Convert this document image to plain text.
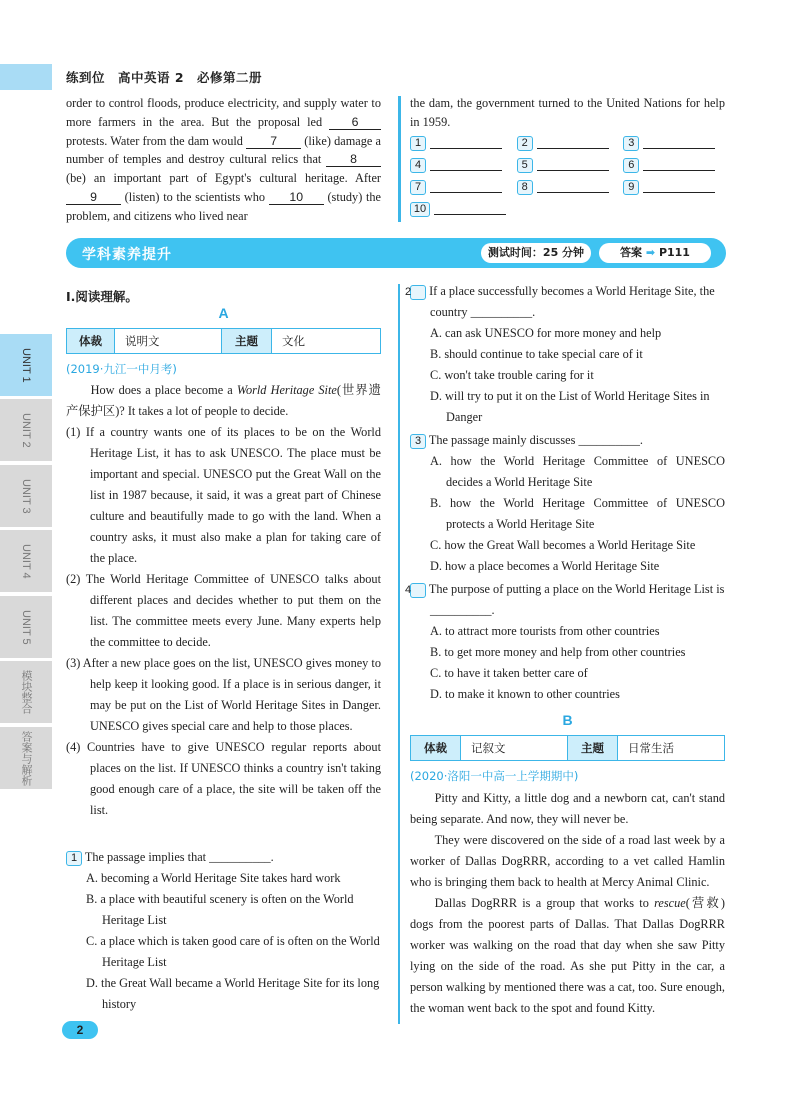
练到位　高中英语 2　必修第二册
order to control floods, produce electricity, and supply water to more farmers in the area. But the proposal led 6 protests. Water from the dam would 7 (like) damage a number of temples and destroy cultural relics that 8 (be) an important part of Egypt's cultural heritage. After 9 (listen) to the scientists who 10 (study) the problem, and citizens who lived near
the dam, the government turned to the United Nations for help in 1959.
1	2	3
4	5	6
7	8	9
10
学科素养提升	测试时间：25 分钟	答案 ➡ P111
Ⅰ.阅读理解。
A
体裁	说明文	主题	文化
(2019·九江一中月考)

How does a place become a World Heritage Site(世界遗产保护区)? It takes a lot of people to decide.

(1) If a country wants one of its places to be on the World Heritage List, it has to ask UNESCO. The place must be important and special. UNESCO put the Great Wall on the list in 1987 because, it said, it was a great part of Chinese culture and beautifully made to go with the land. When a country asks, it must also make a plan for taking care of the place.

(2) The World Heritage Committee of UNESCO talks about different places and decides whether to put them on the list. The committee meets every June. Many experts help the committee to decide.

(3) After a new place goes on the list, UNESCO gives money to help keep it looking good. If a place is in serious danger, it may be put on the List of World Heritage Sites in Danger. UNESCO gives special care and help to those places.

(4) Countries have to give UNESCO regular reports about places on the list. If UNESCO thinks a country isn't taking good enough care of a place, the site will be taken off the list.

1 The passage implies that __________.
A. becoming a World Heritage Site takes hard work
B. a place with beautiful scenery is often on the World Heritage List
C. a place which is taken good care of is often on the World Heritage List
D. the Great Wall became a World Heritage Site for its long history
2 If a place successfully becomes a World Heritage Site, the country __________.
A. can ask UNESCO for more money and help
B. should continue to take special care of it
C. won't take trouble caring for it
D. will try to put it on the List of World Heritage Sites in Danger
3 The passage mainly discusses __________.
A. how the World Heritage Committee of UNESCO decides a World Heritage Site
B. how the World Heritage Committee of UNESCO protects a World Heritage Site
C. how the Great Wall becomes a World Heritage Site
D. how a place becomes a World Heritage Site
4 The purpose of putting a place on the World Heritage List is __________.
A. to attract more tourists from other countries
B. to get more money and help from other countries
C. to have it taken better care of
D. to make it known to other countries
B
体裁	记叙文	主题	日常生活
(2020·洛阳一中高一上学期期中)

Pitty and Kitty, a little dog and a newborn cat, can't stand being separate. And now, they will never be.

They were discovered on the side of a road last week by a worker of Dallas DogRRR, according to a vet called Hamlin who is bringing them back to health at Mercy Animal Clinic.

Dallas DogRRR is a group that works to rescue(营救) dogs from the poorest parts of Dallas. That Dallas DogRRR worker was walking on the road that day when she saw Pitty lying on the side of the road. As she put Pitty in the car, a person walking by mentioned there was a cat, too. Sure enough, the woman went back to the spot and found Kitty.

UNIT 1
UNIT 2
UNIT 3
UNIT 4
UNIT 5
模块整合
答案与解析
2
